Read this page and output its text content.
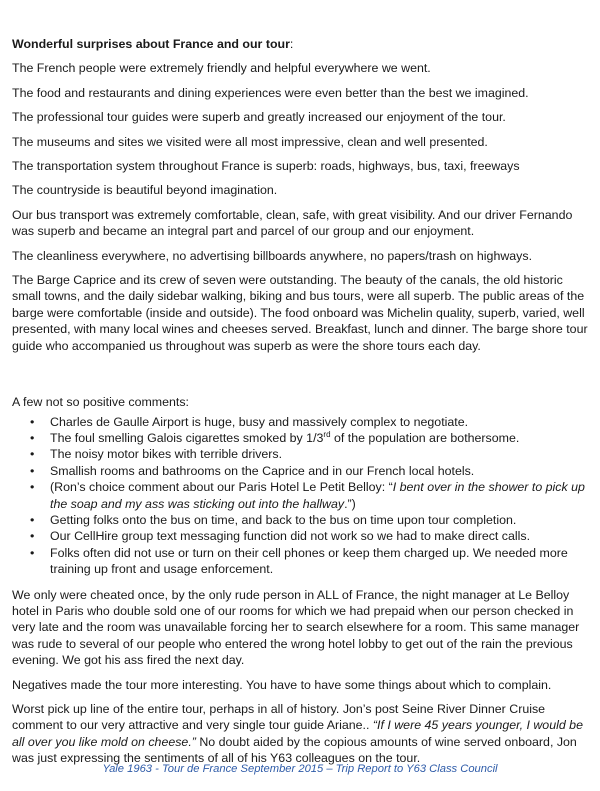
Wonderful surprises about France and our tour:

The French people were extremely friendly and helpful everywhere we went.

The food and restaurants and dining experiences were even better than the best we imagined.

The professional tour guides were superb and greatly increased our enjoyment of the tour.

The museums and sites we visited were all most impressive, clean and well presented.

The transportation system throughout France is superb: roads, highways, bus, taxi, freeways

The countryside is beautiful beyond imagination.

Our bus transport was extremely comfortable, clean, safe, with great visibility. And our driver Fernando was superb and became an integral part and parcel of our group and our enjoyment.

The cleanliness everywhere, no advertising billboards anywhere, no papers/trash on highways.

The Barge Caprice and its crew of seven were outstanding. The beauty of the canals, the old historic small towns, and the daily sidebar walking, biking and bus tours, were all superb. The public areas of the barge were comfortable (inside and outside). The food onboard was Michelin quality, superb, varied, well presented, with many local wines and cheeses served. Breakfast, lunch and dinner. The barge shore tour guide who accompanied us throughout was superb as were the shore tours each day.

A few not so positive comments:

• Charles de Gaulle Airport is huge, busy and massively complex to negotiate.
• The foul smelling Galois cigarettes smoked by 1/3rd of the population are bothersome.
• The noisy motor bikes with terrible drivers.
• Smallish rooms and bathrooms on the Caprice and in our French local hotels.
• (Ron’s choice comment about our Paris Hotel Le Petit Belloy: “I bent over in the shower to pick up the soap and my ass was sticking out into the hallway.”)
• Getting folks onto the bus on time, and back to the bus on time upon tour completion.
• Our CellHire group text messaging function did not work so we had to make direct calls.
• Folks often did not use or turn on their cell phones or keep them charged up. We needed more training up front and usage enforcement.

We only were cheated once, by the only rude person in ALL of France, the night manager at Le Belloy hotel in Paris who double sold one of our rooms for which we had prepaid when our person checked in very late and the room was unavailable forcing her to search elsewhere for a room. This same manager was rude to several of our people who entered the wrong hotel lobby to get out of the rain the previous evening. We got his ass fired the next day.

Negatives made the tour more interesting. You have to have some things about which to complain.

Worst pick up line of the entire tour, perhaps in all of history. Jon’s post Seine River Dinner Cruise comment to our very attractive and very single tour guide Ariane.. “If I were 45 years younger, I would be all over you like mold on cheese.” No doubt aided by the copious amounts of wine served onboard, Jon was just expressing the sentiments of all of his Y63 colleagues on the tour.

Yale 1963 - Tour de France September 2015 – Trip Report to Y63 Class Council
